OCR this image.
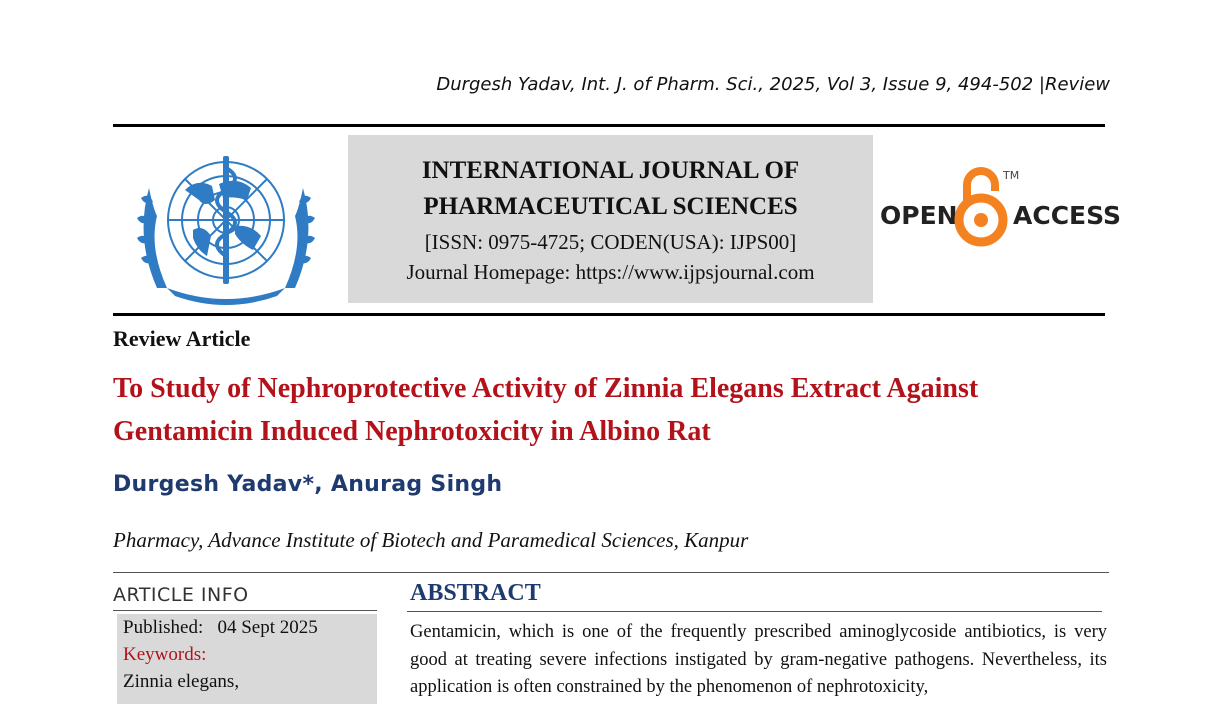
Durgesh Yadav, Int. J. of Pharm. Sci., 2025, Vol 3, Issue 9, 494-502 |Review
INTERNATIONAL JOURNAL OF
PHARMACEUTICAL SCIENCES
[ISSN: 0975-4725; CODEN(USA): IJPS00]
Journal Homepage: https://www.ijpsjournal.com
OPEN
TM
ACCESS
Review Article
To Study of Nephroprotective Activity of Zinnia Elegans Extract Against
Gentamicin Induced Nephrotoxicity in Albino Rat
Durgesh Yadav*, Anurag Singh
Pharmacy, Advance Institute of Biotech and Paramedical Sciences, Kanpur
ARTICLE INFO
Published: 04 Sept 2025
Keywords:
Zinnia elegans,
ABSTRACT
Gentamicin, which is one of the frequently prescribed aminoglycoside antibiotics, is very good at treating severe infections instigated by gram-negative pathogens. Nevertheless, its application is often constrained by the phenomenon of nephrotoxicity,
